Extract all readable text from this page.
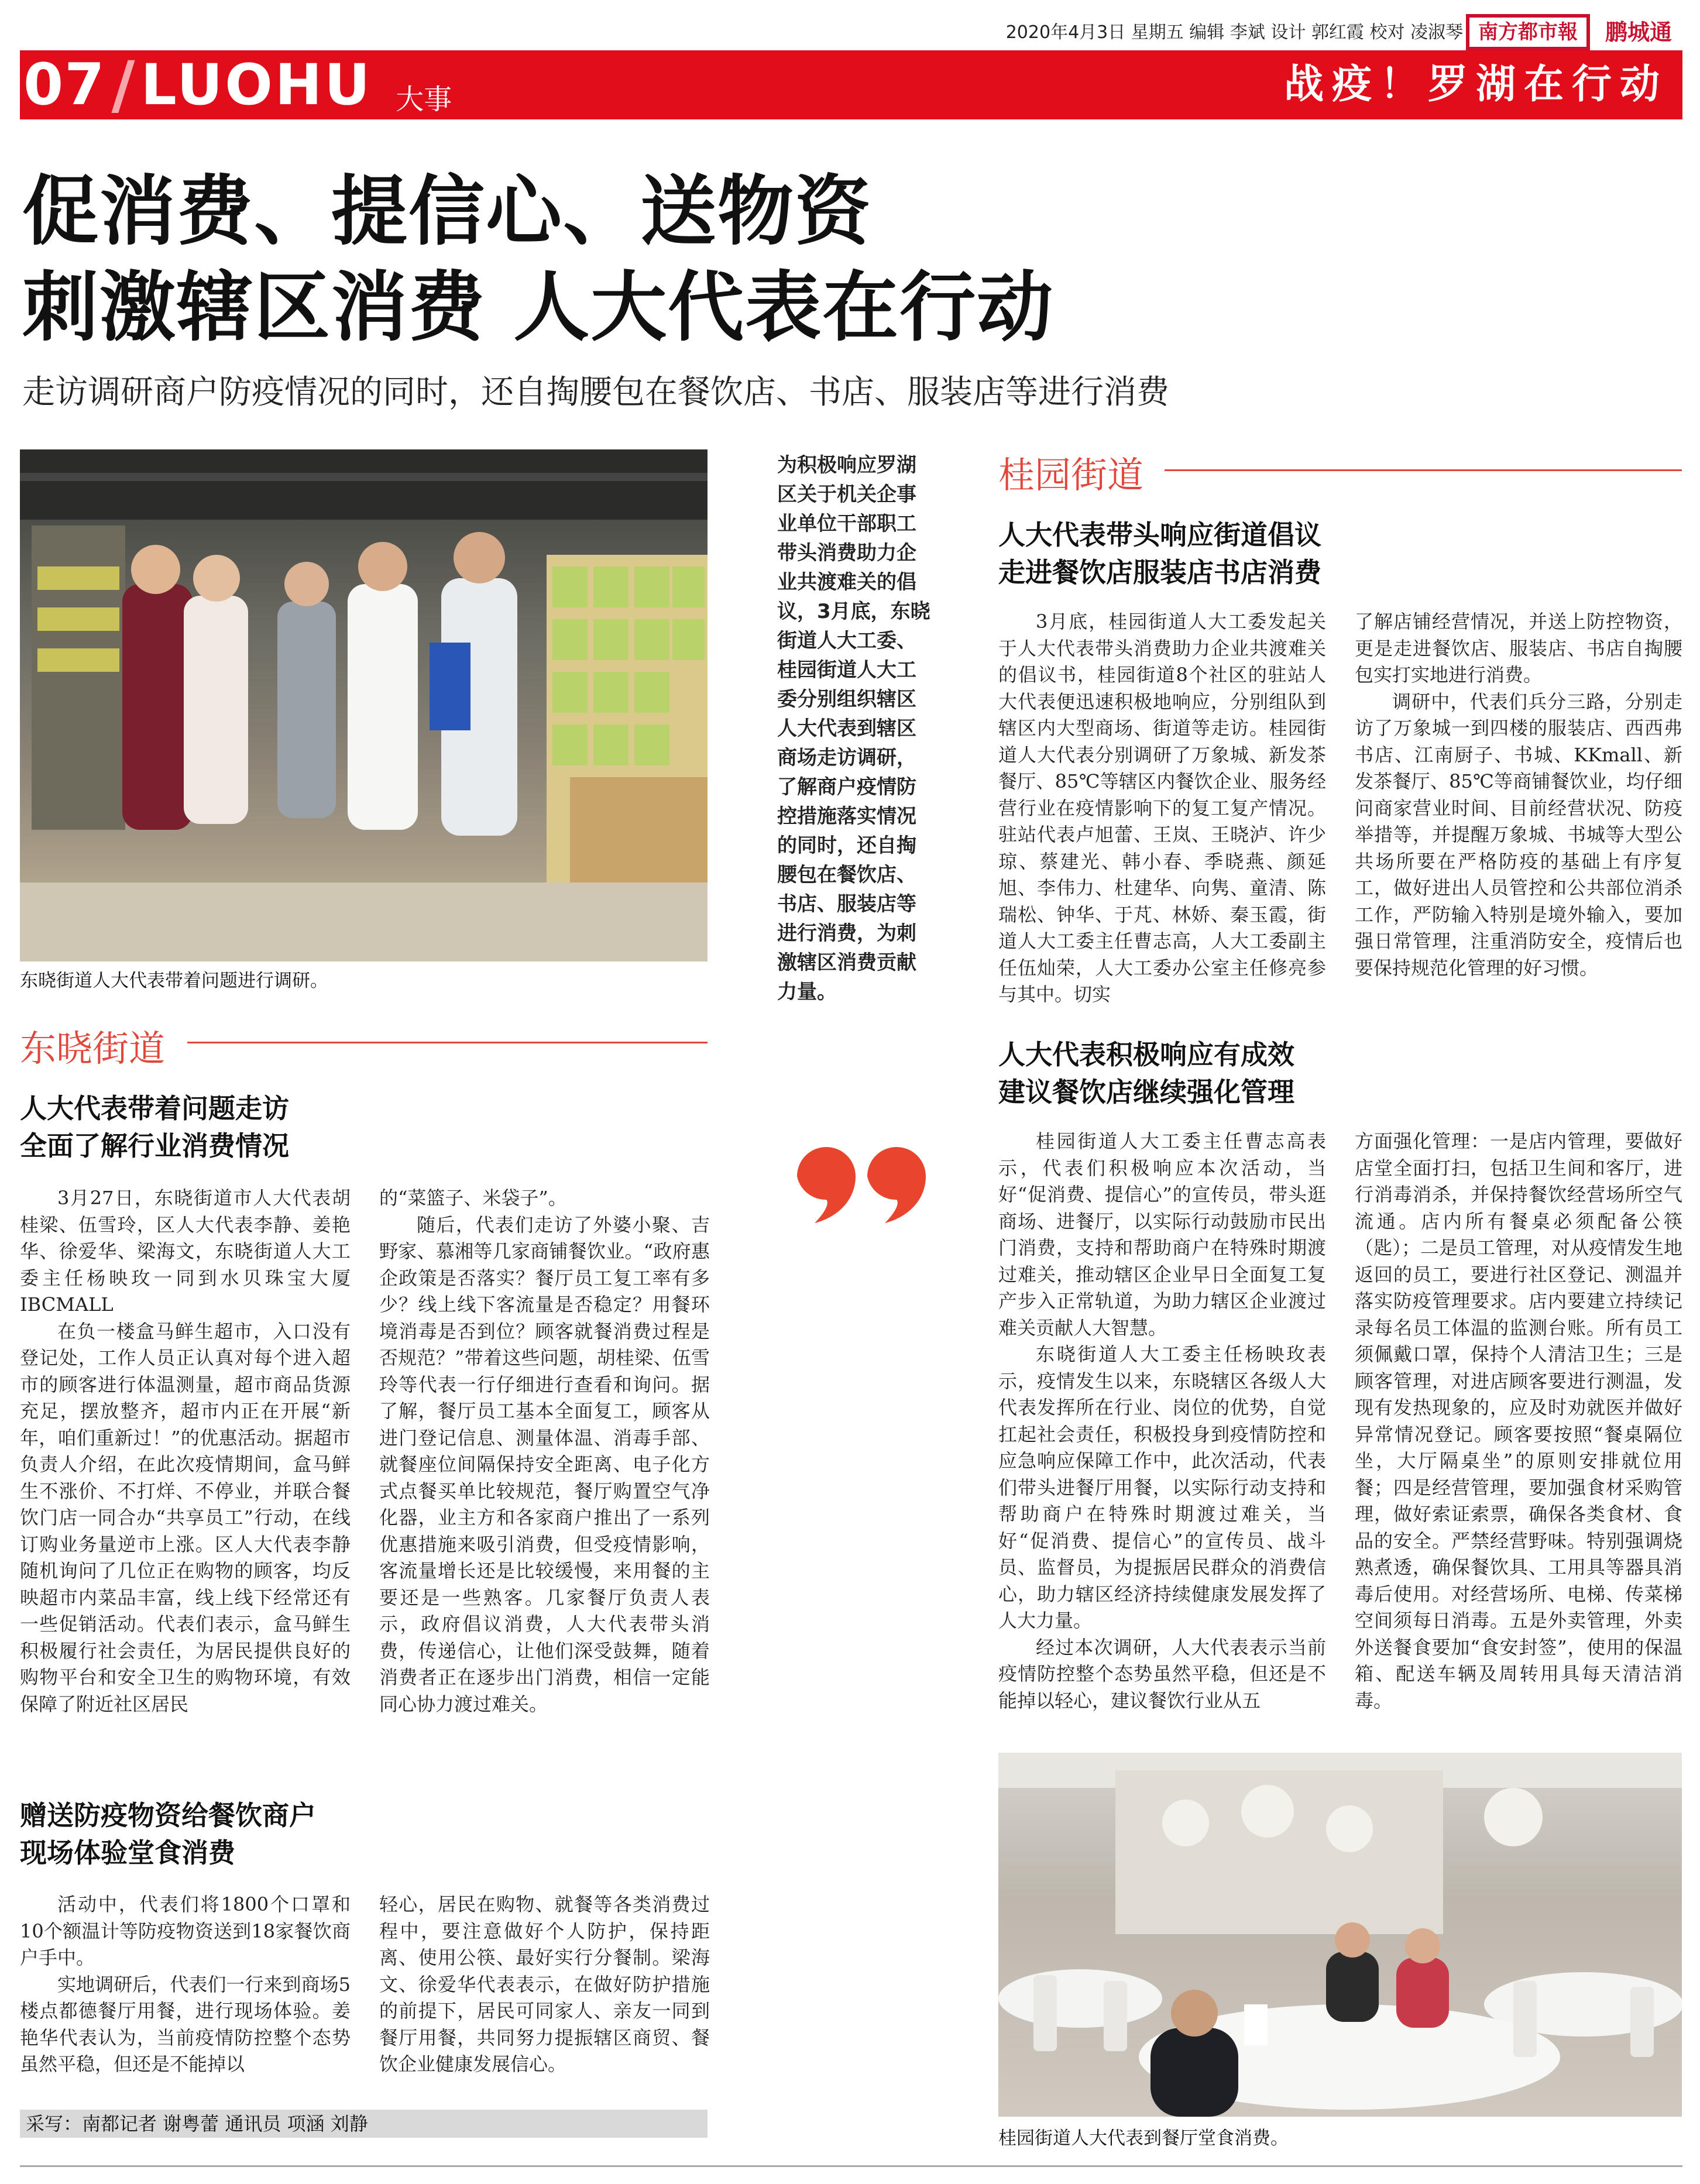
2020年4月3日 星期五 编辑 李斌 设计 郭红霞 校对 凌淑琴 南方都市報	鹏城通
07 / LUOHU 大事	战疫！罗湖在行动
促消费、提信心、送物资
刺激辖区消费 人大代表在行动
走访调研商户防疫情况的同时，还自掏腰包在餐饮店、书店、服装店等进行消费
东晓街道人大代表带着问题进行调研。
东晓街道
人大代表带着问题走访
全面了解行业消费情况

3月27日，东晓街道市人大代表胡桂梁、伍雪玲，区人大代表李静、姜艳华、徐爱华、梁海文，东晓街道人大工委主任杨映玫一同到水贝珠宝大厦IBCMALL

在负一楼盒马鲜生超市，入口没有登记处，工作人员正认真对每个进入超市的顾客进行体温测量，超市商品货源充足，摆放整齐，超市内正在开展“新年，咱们重新过！”的优惠活动。据超市负责人介绍，在此次疫情期间，盒马鲜生不涨价、不打烊、不停业，并联合餐饮门店一同合办“共享员工”行动，在线订购业务量逆市上涨。区人大代表李静随机询问了几位正在购物的顾客，均反映超市内菜品丰富，线上线下经常还有一些促销活动。代表们表示，盒马鲜生积极履行社会责任，为居民提供良好的购物平台和安全卫生的购物环境，有效保障了附近社区居民

的“菜篮子、米袋子”。

随后，代表们走访了外婆小聚、吉野家、慕湘等几家商铺餐饮业。“政府惠企政策是否落实？餐厅员工复工率有多少？线上线下客流量是否稳定？用餐环境消毒是否到位？顾客就餐消费过程是否规范？”带着这些问题，胡桂梁、伍雪玲等代表一行仔细进行查看和询问。据了解，餐厅员工基本全面复工，顾客从进门登记信息、测量体温、消毒手部、就餐座位间隔保持安全距离、电子化方式点餐买单比较规范，餐厅购置空气净化器，业主方和各家商户推出了一系列优惠措施来吸引消费，但受疫情影响，客流量增长还是比较缓慢，来用餐的主要还是一些熟客。几家餐厅负责人表示，政府倡议消费，人大代表带头消费，传递信心，让他们深受鼓舞，随着消费者正在逐步出门消费，相信一定能同心协力渡过难关。

赠送防疫物资给餐饮商户
现场体验堂食消费

活动中，代表们将1800个口罩和10个额温计等防疫物资送到18家餐饮商户手中。

实地调研后，代表们一行来到商场5楼点都德餐厅用餐，进行现场体验。姜艳华代表认为，当前疫情防控整个态势虽然平稳，但还是不能掉以

轻心，居民在购物、就餐等各类消费过程中，要注意做好个人防护，保持距离、使用公筷、最好实行分餐制。梁海文、徐爱华代表表示，在做好防护措施的前提下，居民可同家人、亲友一同到餐厅用餐，共同努力提振辖区商贸、餐饮企业健康发展信心。

采写：南都记者 谢粤蕾 通讯员 项涵 刘静
为积极响应罗湖区关于机关企事业单位干部职工带头消费助力企业共渡难关的倡议，3月底，东晓街道人大工委、桂园街道人大工委分别组织辖区人大代表到辖区商场走访调研，了解商户疫情防控措施落实情况的同时，还自掏腰包在餐饮店、书店、服装店等进行消费，为刺激辖区消费贡献力量。
桂园街道
人大代表带头响应街道倡议
走进餐饮店服装店书店消费

3月底，桂园街道人大工委发起关于人大代表带头消费助力企业共渡难关的倡议书，桂园街道8个社区的驻站人大代表便迅速积极地响应，分别组队到辖区内大型商场、街道等走访。桂园街道人大代表分别调研了万象城、新发茶餐厅、85℃等辖区内餐饮企业、服务经营行业在疫情影响下的复工复产情况。驻站代表卢旭蕾、王岚、王晓泸、许少琼、蔡建光、韩小春、季晓燕、颜延旭、李伟力、杜建华、向隽、童清、陈瑞松、钟华、于芃、林娇、秦玉霞，街道人大工委主任曹志高，人大工委副主任伍灿荣，人大工委办公室主任修亮参与其中。切实

了解店铺经营情况，并送上防控物资，更是走进餐饮店、服装店、书店自掏腰包实打实地进行消费。

调研中，代表们兵分三路，分别走访了万象城一到四楼的服装店、西西弗书店、江南厨子、书城、KKmall、新发茶餐厅、85℃等商铺餐饮业，均仔细问商家营业时间、目前经营状况、防疫举措等，并提醒万象城、书城等大型公共场所要在严格防疫的基础上有序复工，做好进出人员管控和公共部位消杀工作，严防输入特别是境外输入，要加强日常管理，注重消防安全，疫情后也要保持规范化管理的好习惯。

人大代表积极响应有成效
建议餐饮店继续强化管理

桂园街道人大工委主任曹志高表示，代表们积极响应本次活动，当好“促消费、提信心”的宣传员，带头逛商场、进餐厅，以实际行动鼓励市民出门消费，支持和帮助商户在特殊时期渡过难关，推动辖区企业早日全面复工复产步入正常轨道，为助力辖区企业渡过难关贡献人大智慧。

东晓街道人大工委主任杨映玫表示，疫情发生以来，东晓辖区各级人大代表发挥所在行业、岗位的优势，自觉扛起社会责任，积极投身到疫情防控和应急响应保障工作中，此次活动，代表们带头进餐厅用餐，以实际行动支持和帮助商户在特殊时期渡过难关，当好“促消费、提信心”的宣传员、战斗员、监督员，为提振居民群众的消费信心，助力辖区经济持续健康发展发挥了人大力量。

经过本次调研，人大代表表示当前疫情防控整个态势虽然平稳，但还是不能掉以轻心，建议餐饮行业从五

方面强化管理：一是店内管理，要做好店堂全面打扫，包括卫生间和客厅，进行消毒消杀，并保持餐饮经营场所空气流通。店内所有餐桌必须配备公筷（匙）；二是员工管理，对从疫情发生地返回的员工，要进行社区登记、测温并落实防疫管理要求。店内要建立持续记录每名员工体温的监测台账。所有员工须佩戴口罩，保持个人清洁卫生；三是顾客管理，对进店顾客要进行测温，发现有发热现象的，应及时劝就医并做好异常情况登记。顾客要按照“餐桌隔位坐，大厅隔桌坐”的原则安排就位用餐；四是经营管理，要加强食材采购管理，做好索证索票，确保各类食材、食品的安全。严禁经营野味。特别强调烧熟煮透，确保餐饮具、工用具等器具消毒后使用。对经营场所、电梯、传菜梯空间须每日消毒。五是外卖管理，外卖外送餐食要加“食安封签”，使用的保温箱、配送车辆及周转用具每天清洁消毒。

桂园街道人大代表到餐厅堂食消费。
